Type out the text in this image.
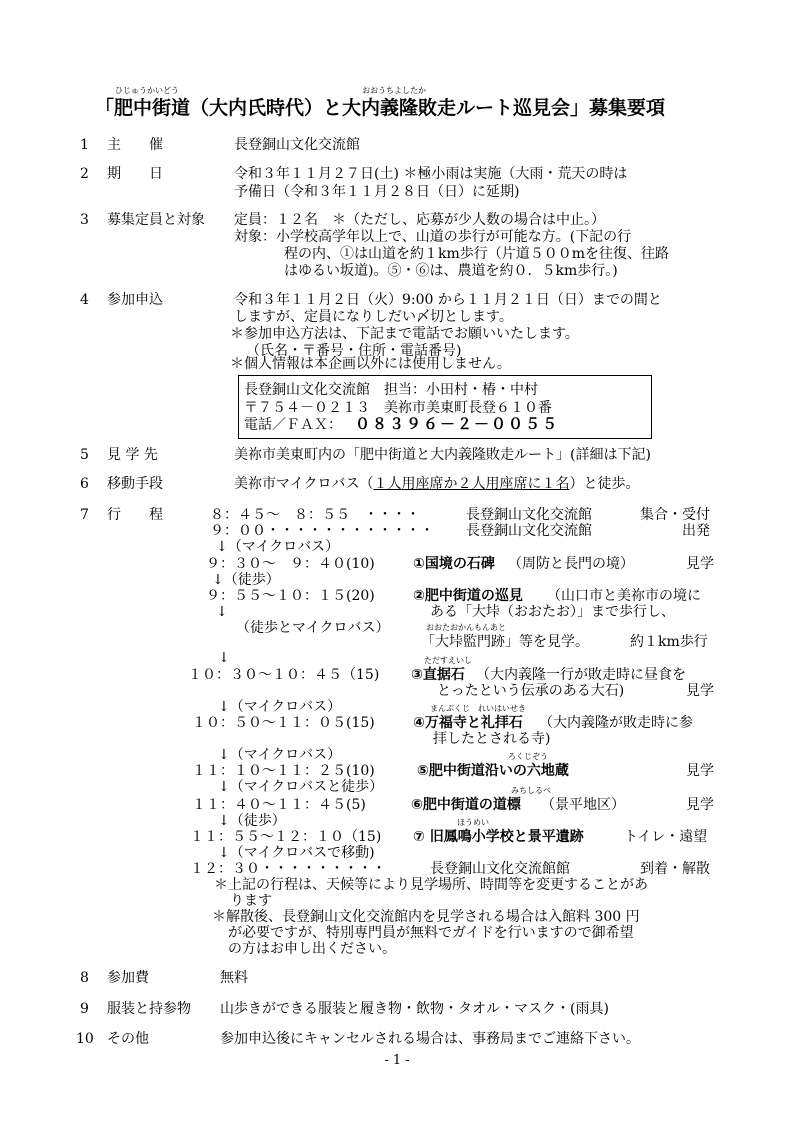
ひじゅうかいどう	おおうちよしたか
「肥中街道（大内氏時代）と大内義隆敗走ルート巡見会」募集要項
1 主　　催	長登銅山文化交流館
2 期　　日	令和３年１１月２７日(土) ＊極小雨は実施（大雨・荒天の時は
予備日（令和３年１１月２８日（日）に延期)
3 募集定員と対象 定員：１２名　＊（ただし、応募が少人数の場合は中止。）
対象：小学校高学年以上で、山道の歩行が可能な方。(下記の行
程の内、①は山道を約１km歩行（片道５００mを往復、往路
はゆるい坂道)。⑤・⑥は、農道を約０．５km歩行。)
4 参加申込	令和３年１１月２日（火）9:00 から１１月２１日（日）までの間と
しますが、定員になりしだい〆切とします。
＊参加申込方法は、下記まで電話でお願いいたします。
（氏名・〒番号・住所・電話番号)
＊個人情報は本企画以外には使用しません。
長登銅山文化交流館　担当：小田村・椿・中村
〒７５４－０２１３　美祢市美東町長登６１０番
電話／ＦＡＸ： ０８３９６－２－００５５
5 見 学 先	美祢市美東町内の「肥中街道と大内義隆敗走ルート」(詳細は下記)
6 移動手段	美祢市マイクロバス（１人用座席か２人用座席に１名）と徒歩。
7 行　　程	８：４５～　８：５５　・・・・	長登銅山文化交流館	集合・受付
９：００・・・・・・・・・・・・ 長登銅山文化交流館	出発
↓（マイクロバス）
９：３０～　９：４０(10)	①国境の石碑 （周防と長門の境）	見学
↓（徒歩）
９：５５～１０：１５(20)	②肥中街道の巡見 （山口市と美祢市の境に
↓	ある「大垰（おおたお）」まで歩行し、
（徒歩とマイクロバス）	おおたおかんもんあと
「大垰監門跡」等を見学。	約１km歩行
↓	ただすえいし
１０：３０～１０：４５（15) ③直据石 （大内義隆一行が敗走時に昼食を
とったという伝承のある大石)	見学
↓（マイクロバス）	まんぷくじ　れいはいせき
１０：５０～１１：０５(15)	④万福寺と礼拝石 （大内義隆が敗走時に参
拝したとされる寺)
↓（マイクロバス）	ろくじぞう
１１：１０～１１：２５(10)	⑤肥中街道沿いの六地蔵	見学
↓（マイクロバスと徒歩）	みちしるべ
１１：４０～１１：４５(5)	⑥肥中街道の道標 （景平地区）	見学
↓（徒歩）	ほうめい
１１：５５～１２：１０（15) ⑦ 旧鳳鳴小学校と景平遺跡	トイレ・遠望
↓（マイクロバスで移動)
１２：３０・・・・・・・・・	長登銅山文化交流館館	到着・解散
＊上記の行程は、天候等により見学場所、時間等を変更することがあ
ります
＊解散後、長登銅山文化交流館内を見学される場合は入館料 300 円
が必要ですが、特別専門員が無料でガイドを行いますので御希望
の方はお申し出ください。
8 参加費	無料
9 服装と持参物 山歩きができる服装と履き物・飲物・タオル・マスク・(雨具)
10 その他	参加申込後にキャンセルされる場合は、事務局までご連絡下さい。
- 1 -
